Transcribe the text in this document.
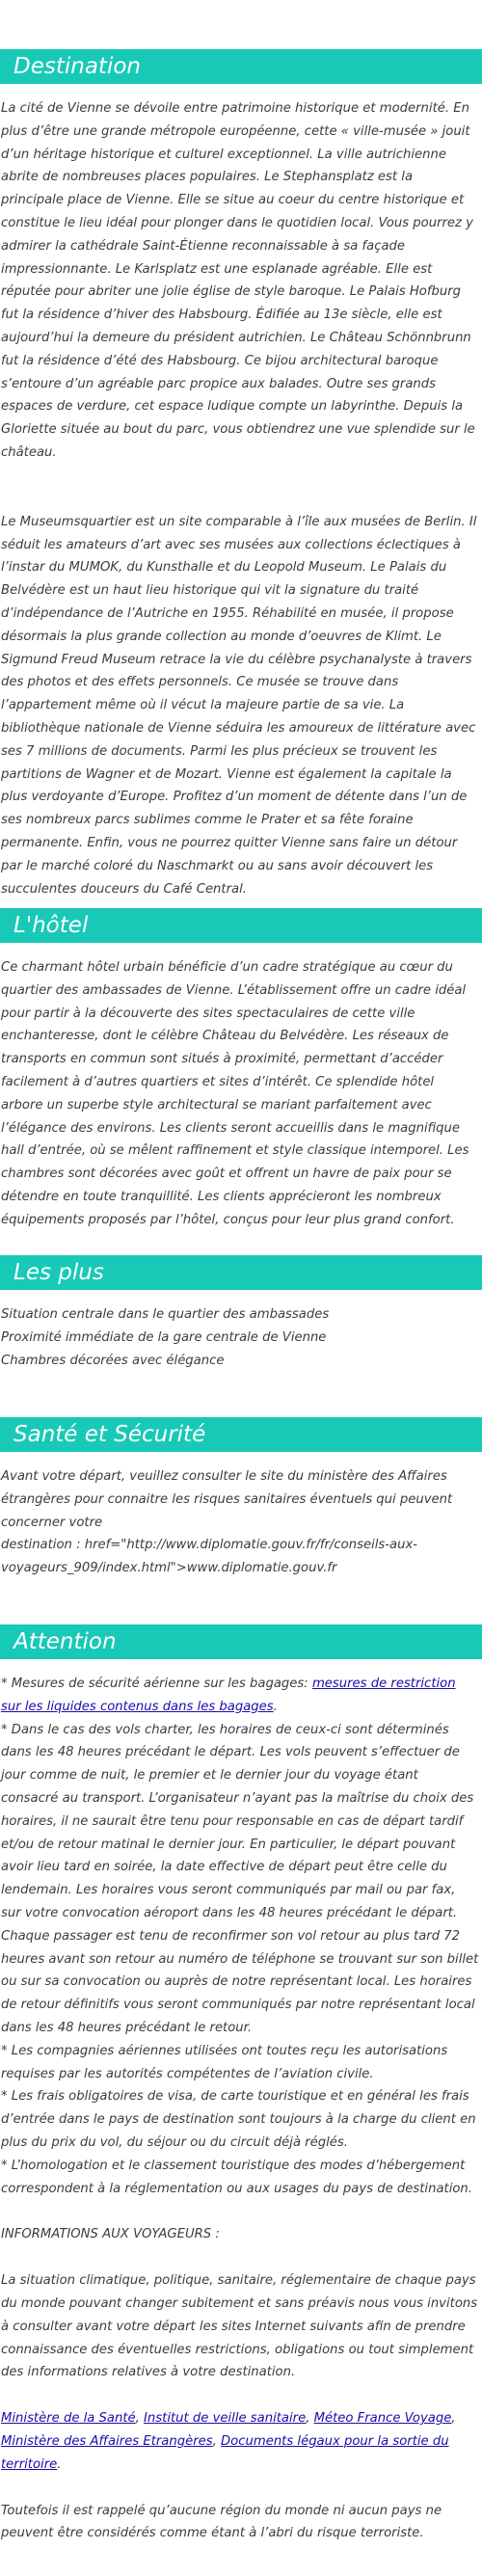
Destination

La cité de Vienne se dévoile entre patrimoine historique et modernité. En plus d’être une grande métropole européenne, cette « ville-musée » jouit d’un héritage historique et culturel exceptionnel. La ville autrichienne abrite de nombreuses places populaires. Le Stephansplatz est la principale place de Vienne. Elle se situe au coeur du centre historique et constitue le lieu idéal pour plonger dans le quotidien local. Vous pourrez y admirer la cathédrale Saint-Étienne reconnaissable à sa façade impressionnante. Le Karlsplatz est une esplanade agréable. Elle est réputée pour abriter une jolie église de style baroque. Le Palais Hofburg fut la résidence d’hiver des Habsbourg. Édifiée au 13e siècle, elle est aujourd’hui la demeure du président autrichien. Le Château Schönnbrunn fut la résidence d’été des Habsbourg. Ce bijou architectural baroque s’entoure d’un agréable parc propice aux balades. Outre ses grands espaces de verdure, cet espace ludique compte un labyrinthe. Depuis la Gloriette située au bout du parc, vous obtiendrez une vue splendide sur le château.

Le Museumsquartier est un site comparable à l’île aux musées de Berlin. Il séduit les amateurs d’art avec ses musées aux collections éclectiques à l’instar du MUMOK, du Kunsthalle et du Leopold Museum. Le Palais du Belvédère est un haut lieu historique qui vit la signature du traité d’indépendance de l’Autriche en 1955. Réhabilité en musée, il propose désormais la plus grande collection au monde d’oeuvres de Klimt. Le Sigmund Freud Museum retrace la vie du célèbre psychanalyste à travers des photos et des effets personnels. Ce musée se trouve dans l’appartement même où il vécut la majeure partie de sa vie. La bibliothèque nationale de Vienne séduira les amoureux de littérature avec ses 7 millions de documents. Parmi les plus précieux se trouvent les partitions de Wagner et de Mozart. Vienne est également la capitale la plus verdoyante d’Europe. Profitez d’un moment de détente dans l’un de ses nombreux parcs sublimes comme le Prater et sa fête foraine permanente. Enfin, vous ne pourrez quitter Vienne sans faire un détour par le marché coloré du Naschmarkt ou au sans avoir découvert les succulentes douceurs du Café Central.

L'hôtel

Ce charmant hôtel urbain bénéficie d’un cadre stratégique au cœur du quartier des ambassades de Vienne. L’établissement offre un cadre idéal pour partir à la découverte des sites spectaculaires de cette ville enchanteresse, dont le célèbre Château du Belvédère. Les réseaux de transports en commun sont situés à proximité, permettant d’accéder facilement à d’autres quartiers et sites d’intérêt. Ce splendide hôtel arbore un superbe style architectural se mariant parfaitement avec l’élégance des environs. Les clients seront accueillis dans le magnifique hall d’entrée, où se mêlent raffinement et style classique intemporel. Les chambres sont décorées avec goût et offrent un havre de paix pour se détendre en toute tranquillité. Les clients apprécieront les nombreux équipements proposés par l’hôtel, conçus pour leur plus grand confort.

Les plus
Situation centrale dans le quartier des ambassades
Proximité immédiate de la gare centrale de Vienne
Chambres décorées avec élégance
Santé et Sécurité

Avant votre départ, veuillez consulter le site du ministère des Affaires étrangères pour connaitre les risques sanitaires éventuels qui peuvent concerner votre

destination : href="http://www.diplomatie.gouv.fr/fr/conseils-aux-voyageurs_909/index.html">www.diplomatie.gouv.fr

Attention

* Mesures de sécurité aérienne sur les bagages: mesures de restriction sur les liquides contenus dans les bagages.

* Dans le cas des vols charter, les horaires de ceux-ci sont déterminés dans les 48 heures précédant le départ. Les vols peuvent s’effectuer de jour comme de nuit, le premier et le dernier jour du voyage étant consacré au transport. L’organisateur n’ayant pas la maîtrise du choix des horaires, il ne saurait être tenu pour responsable en cas de départ tardif et/ou de retour matinal le dernier jour. En particulier, le départ pouvant avoir lieu tard en soirée, la date effective de départ peut être celle du lendemain. Les horaires vous seront communiqués par mail ou par fax, sur votre convocation aéroport dans les 48 heures précédant le départ. Chaque passager est tenu de reconfirmer son vol retour au plus tard 72 heures avant son retour au numéro de téléphone se trouvant sur son billet ou sur sa convocation ou auprès de notre représentant local. Les horaires de retour définitifs vous seront communiqués par notre représentant local dans les 48 heures précédant le retour.

* Les compagnies aériennes utilisées ont toutes reçu les autorisations requises par les autorités compétentes de l’aviation civile.

* Les frais obligatoires de visa, de carte touristique et en général les frais d’entrée dans le pays de destination sont toujours à la charge du client en plus du prix du vol, du séjour ou du circuit déjà réglés.

* L’homologation et le classement touristique des modes d’hébergement correspondent à la réglementation ou aux usages du pays de destination.

INFORMATIONS AUX VOYAGEURS :

La situation climatique, politique, sanitaire, réglementaire de chaque pays du monde pouvant changer subitement et sans préavis nous vous invitons à consulter avant votre départ les sites Internet suivants afin de prendre connaissance des éventuelles restrictions, obligations ou tout simplement des informations relatives à votre destination.

Ministère de la Santé, Institut de veille sanitaire, Méteo France Voyage, Ministère des Affaires Etrangères, Documents légaux pour la sortie du territoire.

Toutefois il est rappelé qu’aucune région du monde ni aucun pays ne peuvent être considérés comme étant à l’abri du risque terroriste.
